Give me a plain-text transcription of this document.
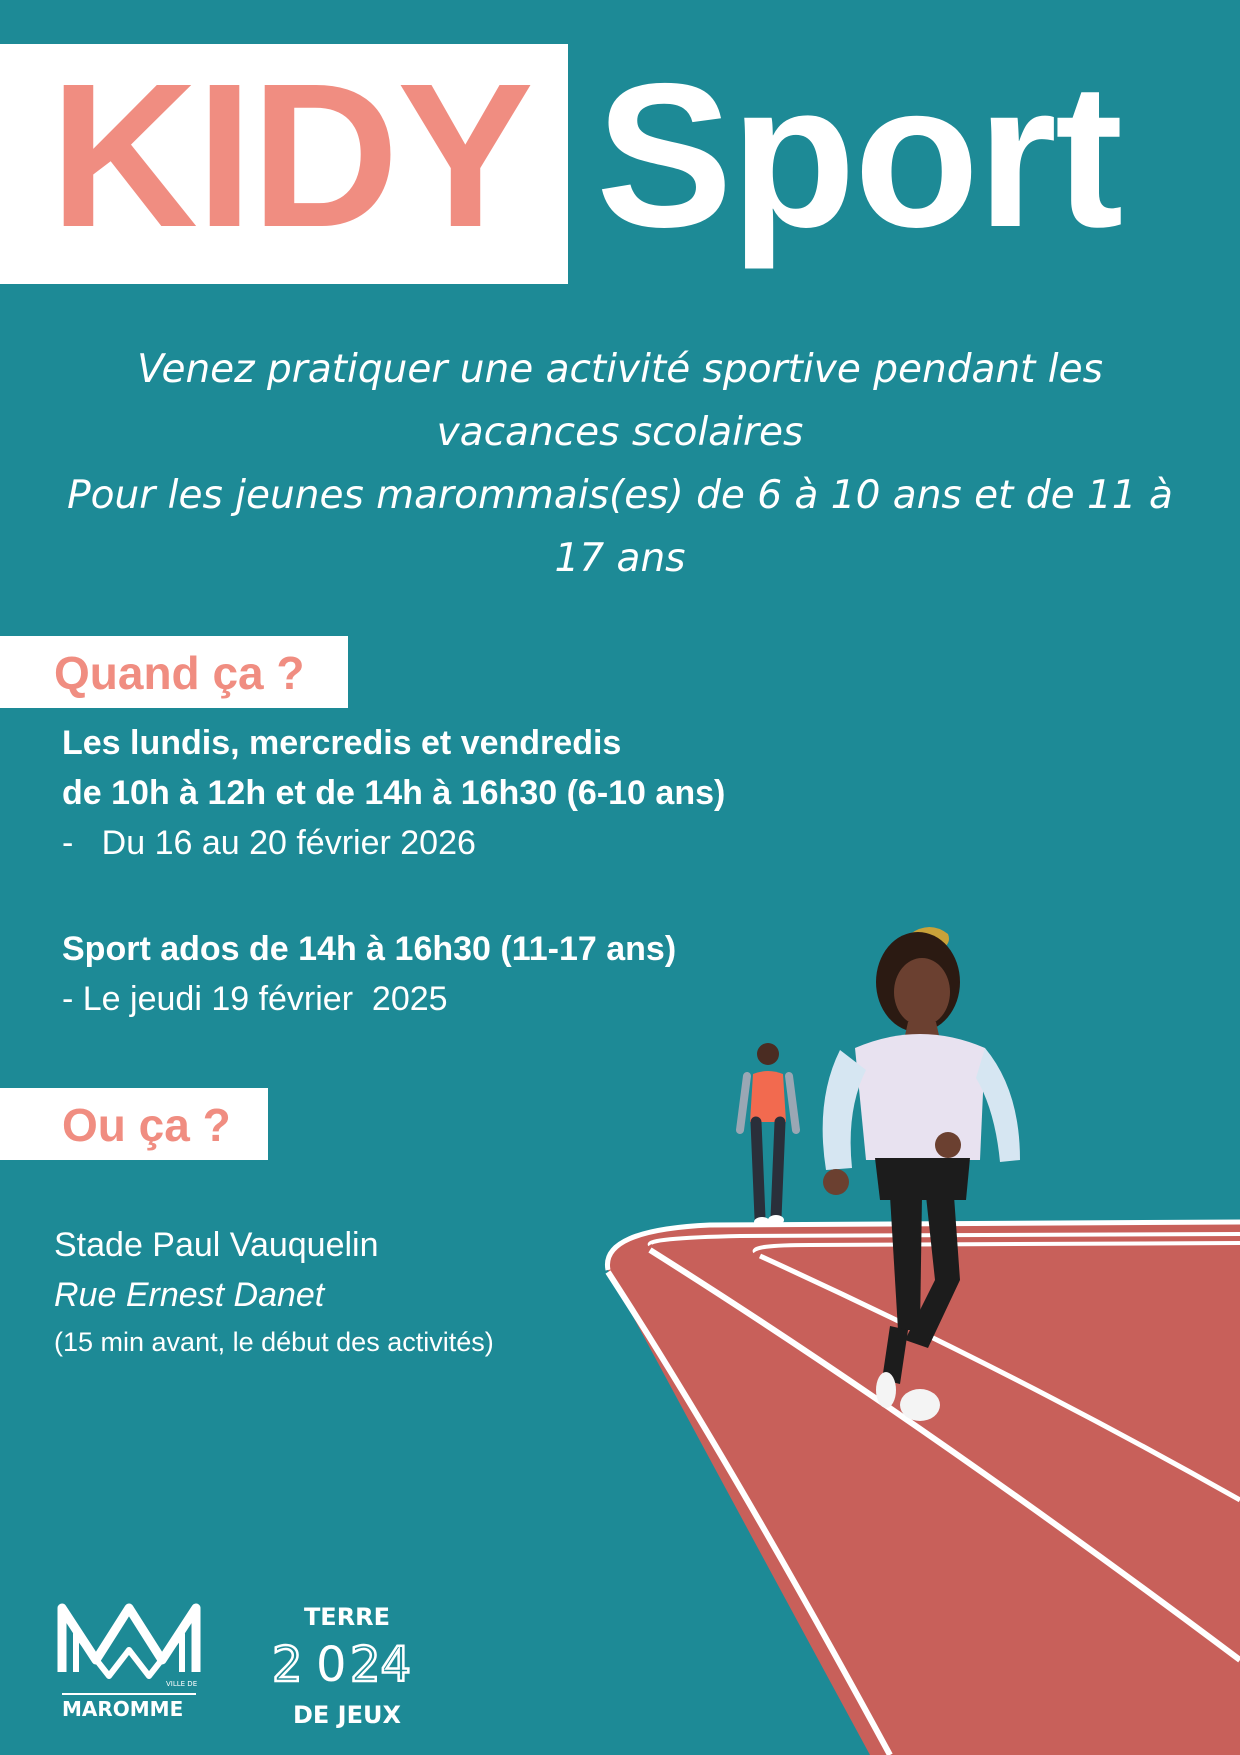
KIDY Sport

Venez pratiquer une activité sportive pendant les vacances scolaires

Pour les jeunes marommais(es) de 6 à 10 ans et de 11 à 17 ans

Quand ça ?
Les lundis, mercredis et vendredis
de 10h à 12h et de 14h à 16h30 (6-10 ans)
-   Du 16 au 20 février 2026
Sport ados de 14h à 16h30 (11-17 ans)
- Le jeudi 19 février  2025
Ou ça ?
Stade Paul Vauquelin
Rue Ernest Danet
(15 min avant, le début des activités)
VILLE DE
MAROMME
TERRE
2 0 24
DE JEUX
